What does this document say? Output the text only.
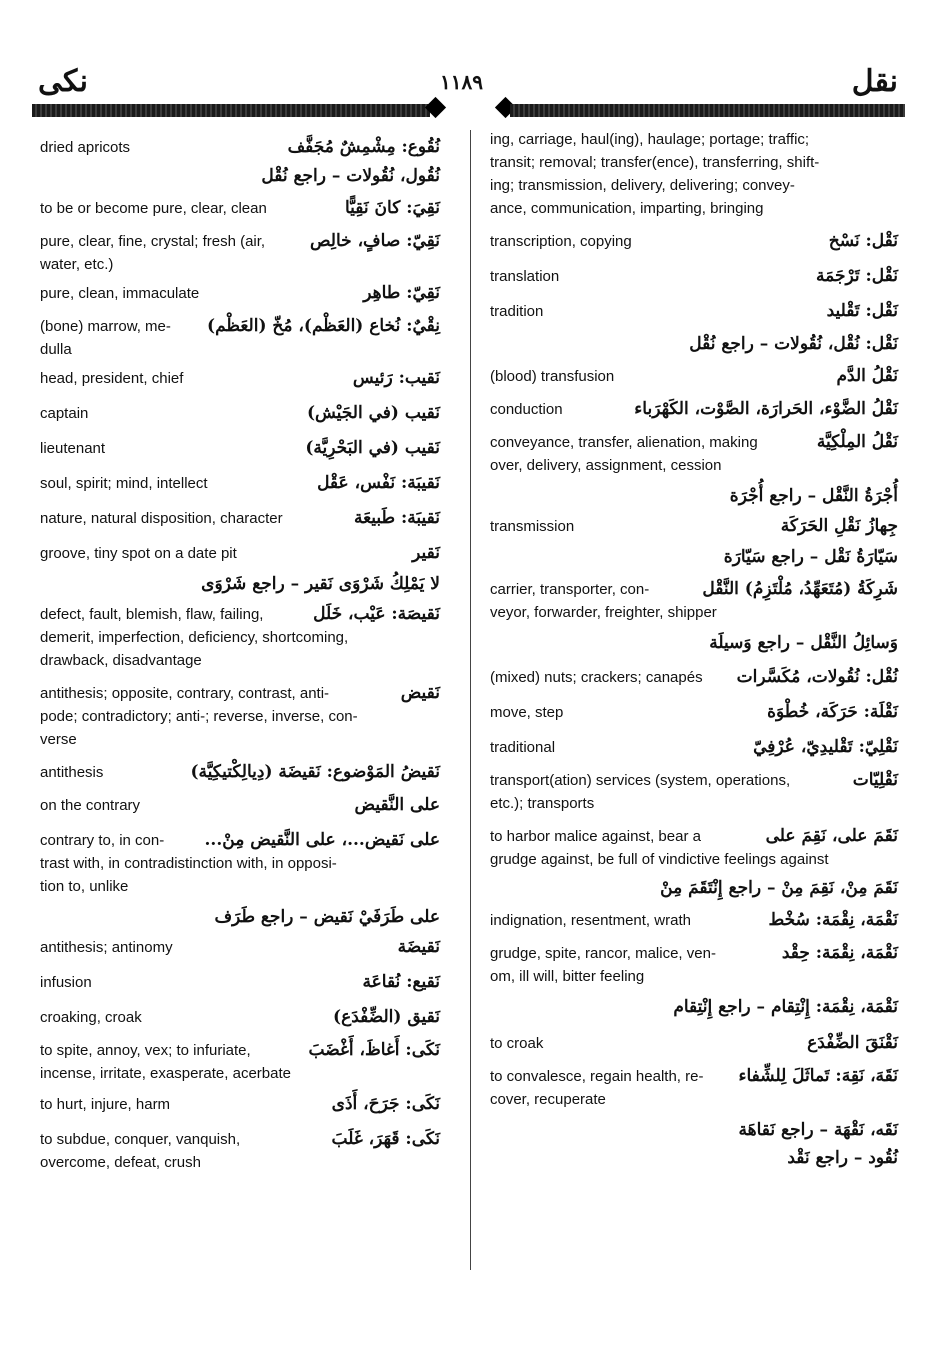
نكى	١١٨٩	نقل
نُقُوع: مِشْمِشٌ مُجَفَّف
dried apricots
نُقُول، نُقُولات – راجع نُقْل
نَقِيَ: كانَ نَقِيًّا
to be or become pure, clear, clean
نَقِيّ: صافٍ، خالِص
pure, clear, fine, crystal; fresh (air,
water, etc.)
نَقِيّ: طاهِر
pure, clean, immaculate
نِقْيٌ: نُخاع (العَظْم)، مُخّ (العَظْم)
(bone) marrow, me-
dulla
نَقيب: رَئيس
head, president, chief
نَقيب (في الجَيْش)
captain
نَقيب (في البَحْرِيَّة)
lieutenant
نَقيبَة: نَفْس، عَقْل
soul, spirit; mind, intellect
نَقيبَة: طَبيعَة
nature, natural disposition, character
نَقير
groove, tiny spot on a date pit
لا يَمْلِكُ شَرْوَى نَقير – راجع شَرْوَى
نَقيصَة: عَيْب، خَلَل
defect, fault, blemish, flaw, failing,
demerit, imperfection, deficiency, shortcoming,
drawback, disadvantage
نَقيض
antithesis; opposite, contrary, contrast, anti-
pode; contradictory; anti-; reverse, inverse, con-
verse
نَقيضُ المَوْضوع: نَقيضَة (دِيالِكْتيكِيَّة)
antithesis
على النَّقيض
on the contrary
على نَقيض...، على النَّقيض مِنْ...
contrary to, in con-
trast with, in contradistinction with, in opposi-
tion to, unlike
على طَرَفَيْ نَقيض – راجع طَرَف
نَقيضَة
antithesis; antinomy
نَقيع: نُقاعَة
infusion
نَقيق (الضِّفْدَع)
croaking, croak
نَكَى: أَغاظَ، أَغْضَبَ
to spite, annoy, vex; to infuriate,
incense, irritate, exasperate, acerbate
نَكَى: جَرَحَ، أَذَى
to hurt, injure, harm
نَكَى: قَهَرَ، غَلَبَ
to subdue, conquer, vanquish,
overcome, defeat, crush
ing, carriage, haul(ing), haulage; portage; traffic;
transit; removal; transfer(ence), transferring, shift-
ing; transmission, delivery, delivering; convey-
ance, communication, imparting, bringing
نَقْل: نَسْخ
transcription, copying
نَقْل: تَرْجَمَة
translation
نَقْل: تَقْليد
tradition
نَقْل: نُقْل، نُقُولات – راجع نُقْل
نَقْلُ الدَّم
(blood) transfusion
نَقْلُ الضَّوْء، الحَرارَة، الصَّوْت، الكَهْرَباء
conduction
نَقْلُ المِلْكِيَّة
conveyance, transfer, alienation, making
over, delivery, assignment, cession
أُجْرَةُ النَّقْل – راجع أُجْرَة
جِهازُ نَقْلِ الحَرَكَة
transmission
سَيّارَةُ نَقْل – راجع سَيّارَة
شَرِكَةُ (مُتَعَهِّدُ، مُلْتَزِمُ) النَّقْل
carrier, transporter, con-
veyor, forwarder, freighter, shipper
وَسائِلُ النَّقْل – راجع وَسيلَة
نُقْل: نُقُولات، مُكَسَّرات
(mixed) nuts; crackers; canapés
نَقْلَة: حَرَكَة، خُطْوَة
move, step
نَقْلِيّ: تَقْليدِيّ، عُرْفِيّ
traditional
نَقْلِيّات
transport(ation) services (system, operations,
etc.); transports
نَقَمَ على، نَقِمَ على
to harbor malice against, bear a
grudge against, be full of vindictive feelings against
نَقَمَ مِنْ، نَقِمَ مِنْ – راجع إِنْتَقَمَ مِنْ
نَقْمَة، نِقْمَة: سُخْط
indignation, resentment, wrath
نَقْمَة، نِقْمَة: حِقْد
grudge, spite, rancor, malice, ven-
om, ill will, bitter feeling
نَقْمَة، نِقْمَة: إِنْتِقام – راجع إِنْتِقام
نَقْنَقَ الضِّفْدَع
to croak
نَقَهَ، نَقِهَ: تَماثَلَ لِلشِّفاء
to convalesce, regain health, re-
cover, recuperate
نَقَه، نَقْهَة – راجع نَقاهَة
نُقُود – راجع نَقْد
